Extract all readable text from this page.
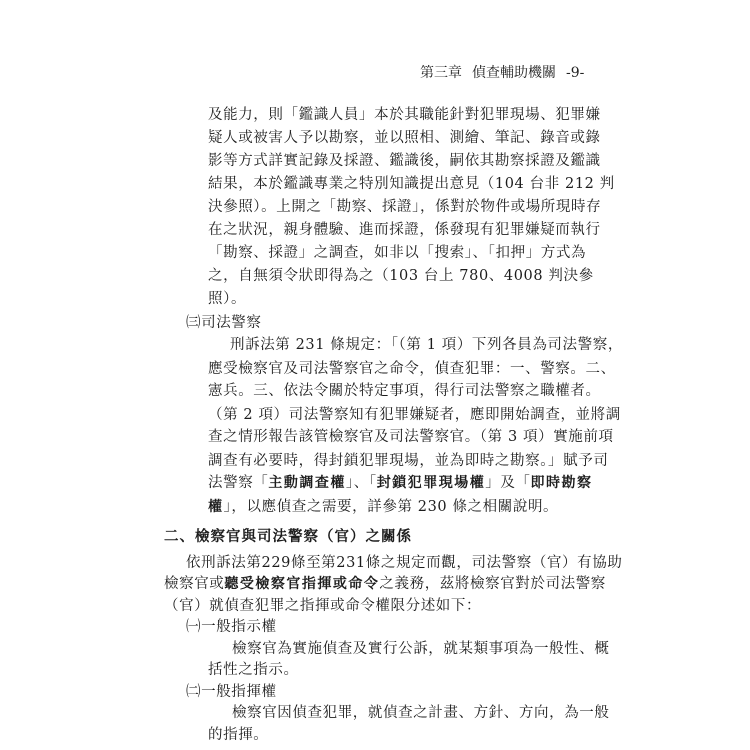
第三章 偵查輔助機關 -9-
及能力，則「鑑識人員」本於其職能針對犯罪現場、犯罪嫌
疑人或被害人予以勘察，並以照相、測繪、筆記、錄音或錄
影等方式詳實記錄及採證、鑑識後，嗣依其勘察採證及鑑識
結果，本於鑑識專業之特別知識提出意見（104 台非 212 判
決參照）。上開之「勘察、採證」，係對於物件或場所現時存
在之狀況，親身體驗、進而採證，係發現有犯罪嫌疑而執行
「勘察、採證」之調查，如非以「搜索」、「扣押」方式為
之，自無須令狀即得為之（103 台上 780、4008 判決參
照）。
㈢司法警察
刑訴法第 231 條規定：「（第 1 項）下列各員為司法警察，
應受檢察官及司法警察官之命令，偵查犯罪：一、警察。二、
憲兵。三、依法令關於特定事項，得行司法警察之職權者。
（第 2 項）司法警察知有犯罪嫌疑者，應即開始調查，並將調
查之情形報告該管檢察官及司法警察官。（第 3 項）實施前項
調查有必要時，得封鎖犯罪現場，並為即時之勘察。」賦予司
法警察「主動調查權」、「封鎖犯罪現場權」及「即時勘察
權」，以應偵查之需要，詳參第 230 條之相關說明。
二、檢察官與司法警察（官）之關係
依刑訴法第229條至第231條之規定而觀，司法警察（官）有協助
檢察官或聽受檢察官指揮或命令之義務，茲將檢察官對於司法警察
（官）就偵查犯罪之指揮或命令權限分述如下：
㈠一般指示權
檢察官為實施偵查及實行公訴，就某類事項為一般性、概
括性之指示。
㈡一般指揮權
檢察官因偵查犯罪，就偵查之計畫、方針、方向，為一般
的指揮。
